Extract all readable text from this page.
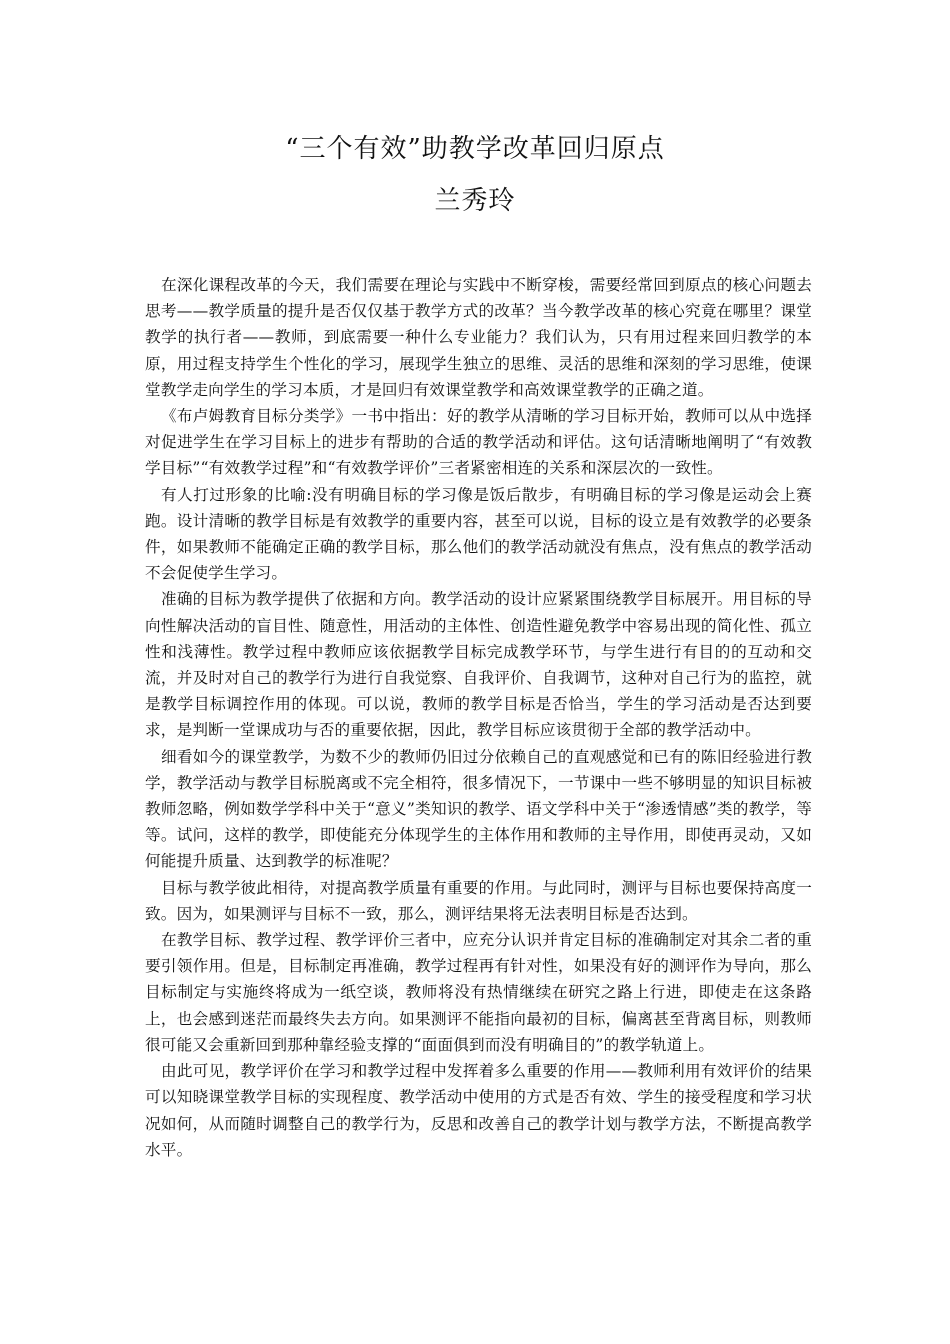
“三个有效”助教学改革回归原点
兰秀玲

在深化课程改革的今天，我们需要在理论与实践中不断穿梭，需要经常回到原点的核心问题去思考——教学质量的提升是否仅仅基于教学方式的改革？当今教学改革的核心究竟在哪里？课堂教学的执行者——教师，到底需要一种什么专业能力？我们认为，只有用过程来回归教学的本原，用过程支持学生个性化的学习，展现学生独立的思维、灵活的思维和深刻的学习思维，使课堂教学走向学生的学习本质，才是回归有效课堂教学和高效课堂教学的正确之道。

《布卢姆教育目标分类学》一书中指出：好的教学从清晰的学习目标开始，教师可以从中选择对促进学生在学习目标上的进步有帮助的合适的教学活动和评估。这句话清晰地阐明了“有效教学目标”“有效教学过程”和“有效教学评价”三者紧密相连的关系和深层次的一致性。

有人打过形象的比喻:没有明确目标的学习像是饭后散步，有明确目标的学习像是运动会上赛跑。设计清晰的教学目标是有效教学的重要内容，甚至可以说，目标的设立是有效教学的必要条件，如果教师不能确定正确的教学目标，那么他们的教学活动就没有焦点，没有焦点的教学活动不会促使学生学习。

准确的目标为教学提供了依据和方向。教学活动的设计应紧紧围绕教学目标展开。用目标的导向性解决活动的盲目性、随意性，用活动的主体性、创造性避免教学中容易出现的简化性、孤立性和浅薄性。教学过程中教师应该依据教学目标完成教学环节，与学生进行有目的的互动和交流，并及时对自己的教学行为进行自我觉察、自我评价、自我调节，这种对自己行为的监控，就是教学目标调控作用的体现。可以说，教师的教学目标是否恰当，学生的学习活动是否达到要求，是判断一堂课成功与否的重要依据，因此，教学目标应该贯彻于全部的教学活动中。

细看如今的课堂教学，为数不少的教师仍旧过分依赖自己的直观感觉和已有的陈旧经验进行教学，教学活动与教学目标脱离或不完全相符，很多情况下，一节课中一些不够明显的知识目标被教师忽略，例如数学学科中关于“意义”类知识的教学、语文学科中关于“渗透情感”类的教学，等等。试问，这样的教学，即使能充分体现学生的主体作用和教师的主导作用，即使再灵动，又如何能提升质量、达到教学的标准呢？

目标与教学彼此相待，对提高教学质量有重要的作用。与此同时，测评与目标也要保持高度一致。因为，如果测评与目标不一致，那么，测评结果将无法表明目标是否达到。

在教学目标、教学过程、教学评价三者中，应充分认识并肯定目标的准确制定对其余二者的重要引领作用。但是，目标制定再准确，教学过程再有针对性，如果没有好的测评作为导向，那么目标制定与实施终将成为一纸空谈，教师将没有热情继续在研究之路上行进，即使走在这条路上，也会感到迷茫而最终失去方向。如果测评不能指向最初的目标，偏离甚至背离目标，则教师很可能又会重新回到那种靠经验支撑的“面面俱到而没有明确目的”的教学轨道上。

由此可见，教学评价在学习和教学过程中发挥着多么重要的作用——教师利用有效评价的结果可以知晓课堂教学目标的实现程度、教学活动中使用的方式是否有效、学生的接受程度和学习状况如何，从而随时调整自己的教学行为，反思和改善自己的教学计划与教学方法，不断提高教学水平。
